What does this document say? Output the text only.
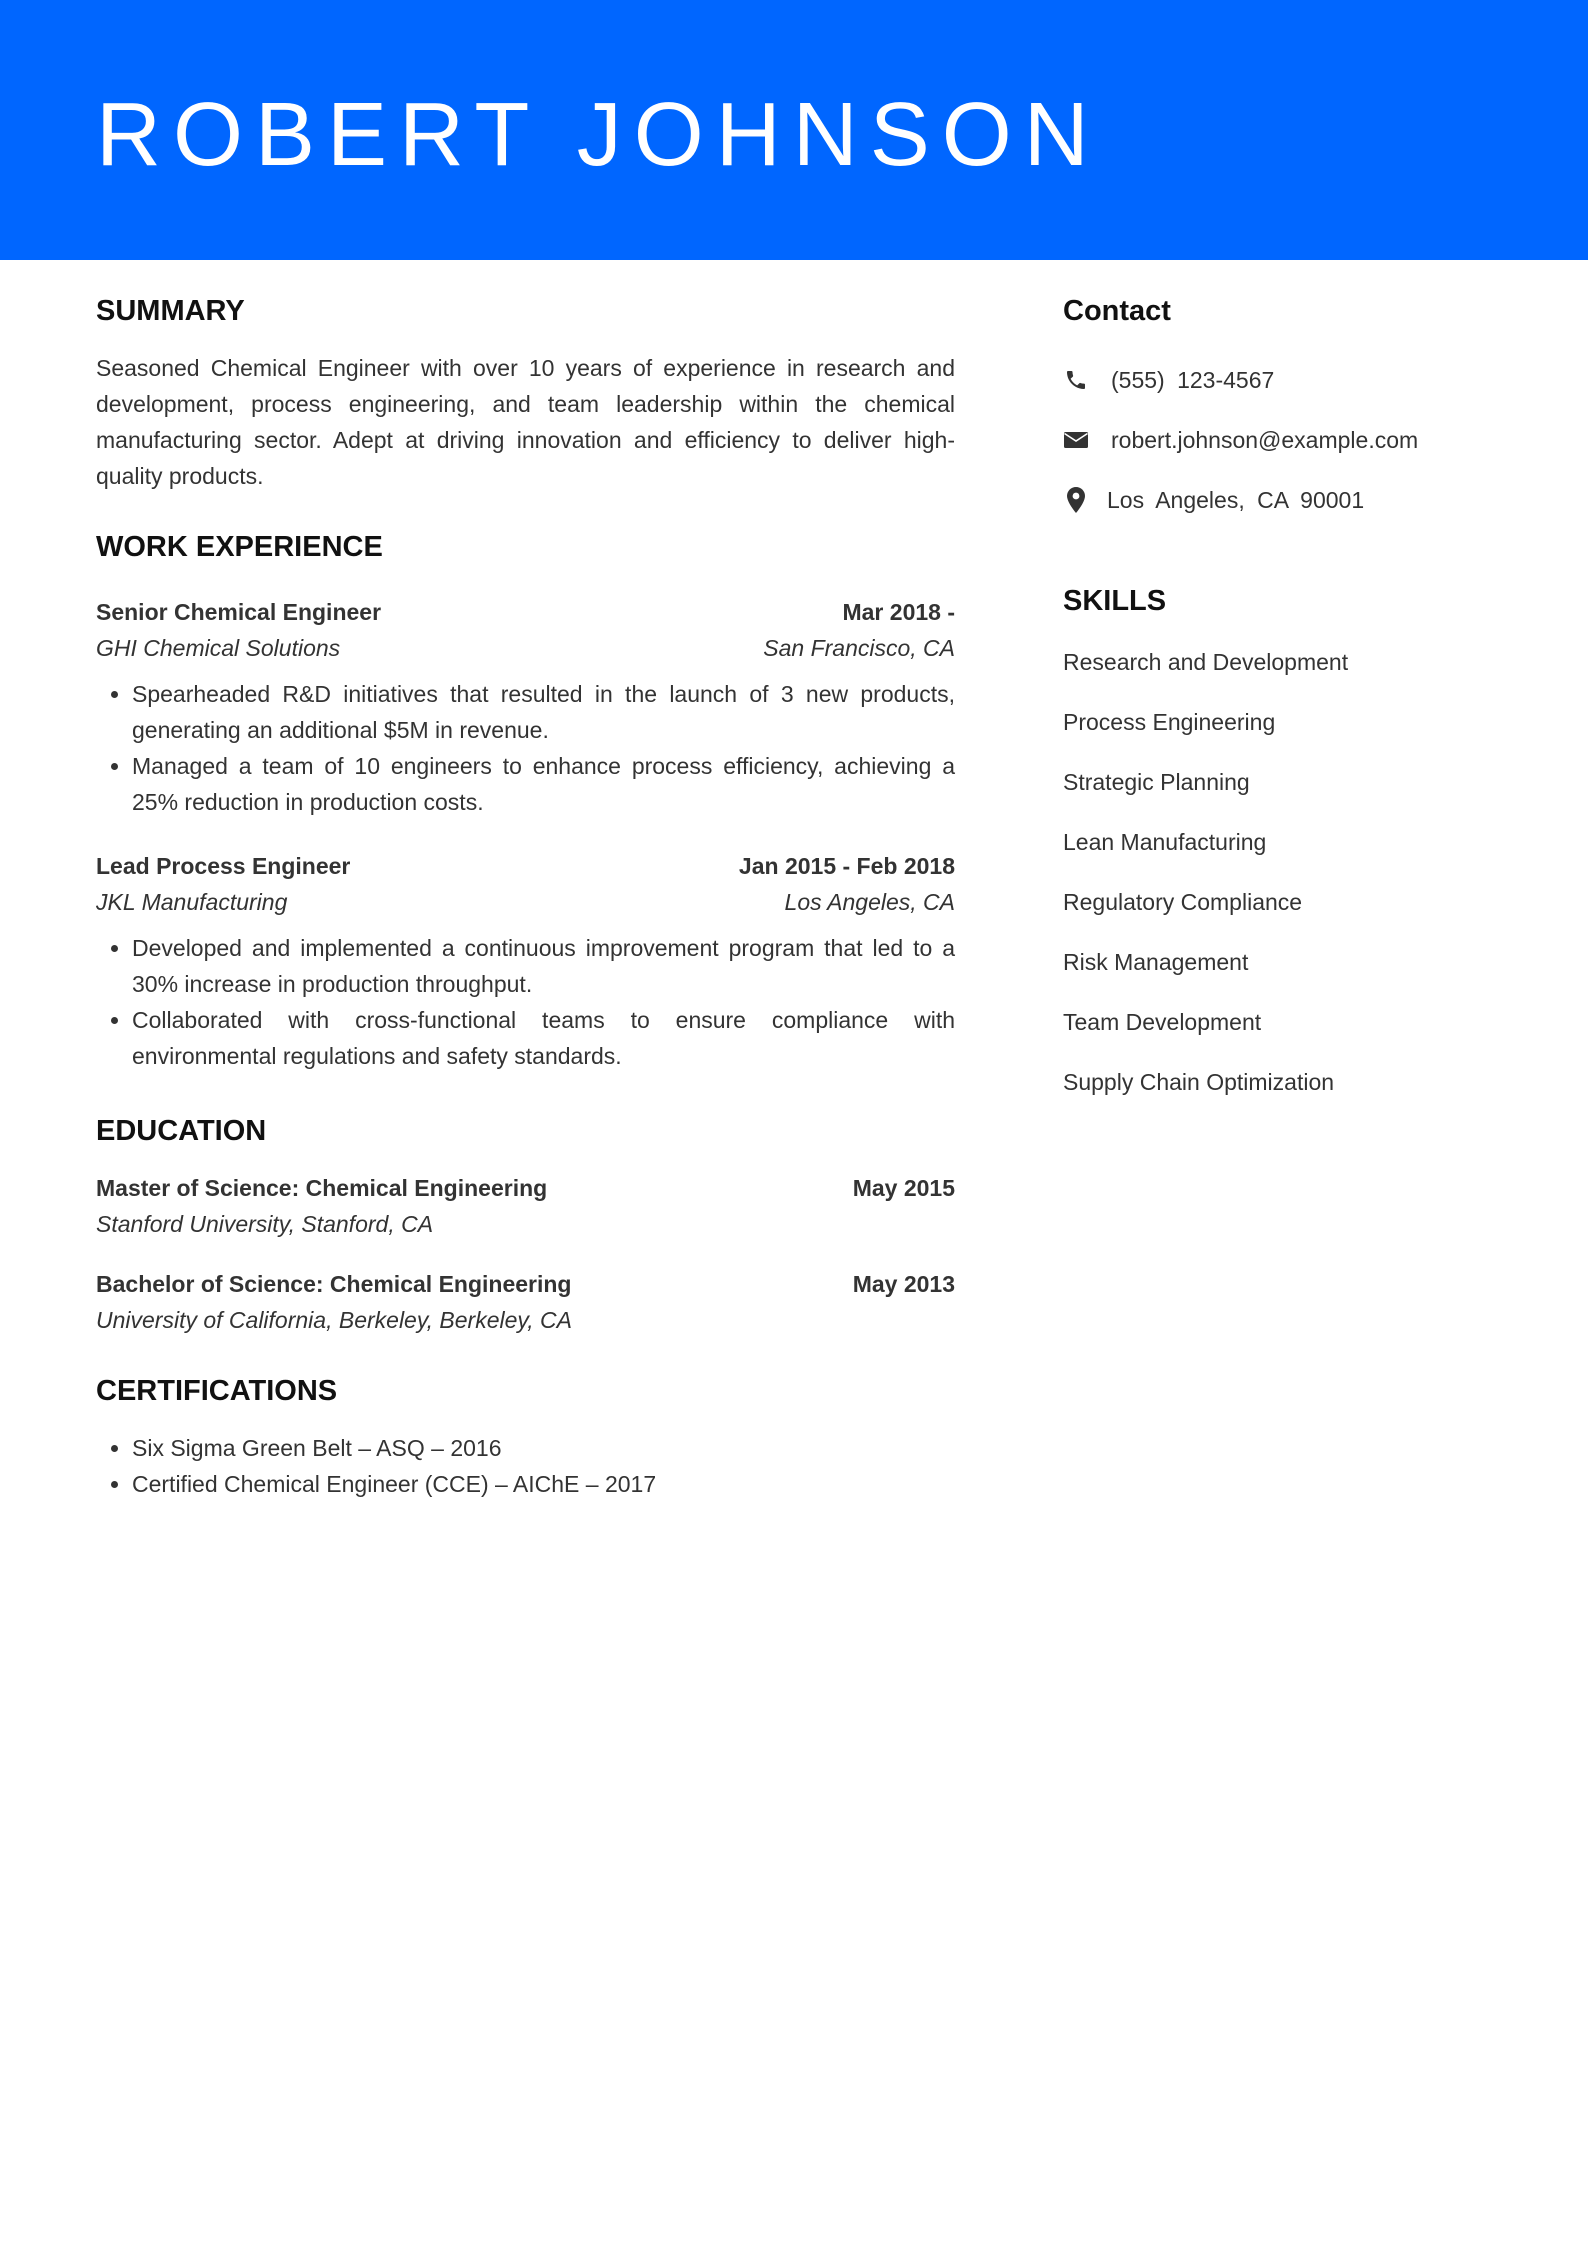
ROBERT JOHNSON
SUMMARY

Seasoned Chemical Engineer with over 10 years of experience in research and development, process engineering, and team leadership within the chemical manufacturing sector. Adept at driving innovation and efficiency to deliver high-quality products.

WORK EXPERIENCE
Senior Chemical Engineer	Mar 2018 -
GHI Chemical Solutions	San Francisco, CA
• Spearheaded R&D initiatives that resulted in the launch of 3 new products, generating an additional $5M in revenue.
• Managed a team of 10 engineers to enhance process efficiency, achieving a 25% reduction in production costs.
Lead Process Engineer	Jan 2015 - Feb 2018
JKL Manufacturing	Los Angeles, CA
• Developed and implemented a continuous improvement program that led to a 30% increase in production throughput.
• Collaborated with cross-functional teams to ensure compliance with environmental regulations and safety standards.
EDUCATION
Master of Science: Chemical Engineering	May 2015
Stanford University, Stanford, CA
Bachelor of Science: Chemical Engineering	May 2013
University of California, Berkeley, Berkeley, CA
CERTIFICATIONS
• Six Sigma Green Belt – ASQ – 2016
• Certified Chemical Engineer (CCE) – AIChE – 2017
Contact
(555) 123-4567
robert.johnson@example.com
Los Angeles, CA 90001
SKILLS
Research and Development
Process Engineering
Strategic Planning
Lean Manufacturing
Regulatory Compliance
Risk Management
Team Development
Supply Chain Optimization
